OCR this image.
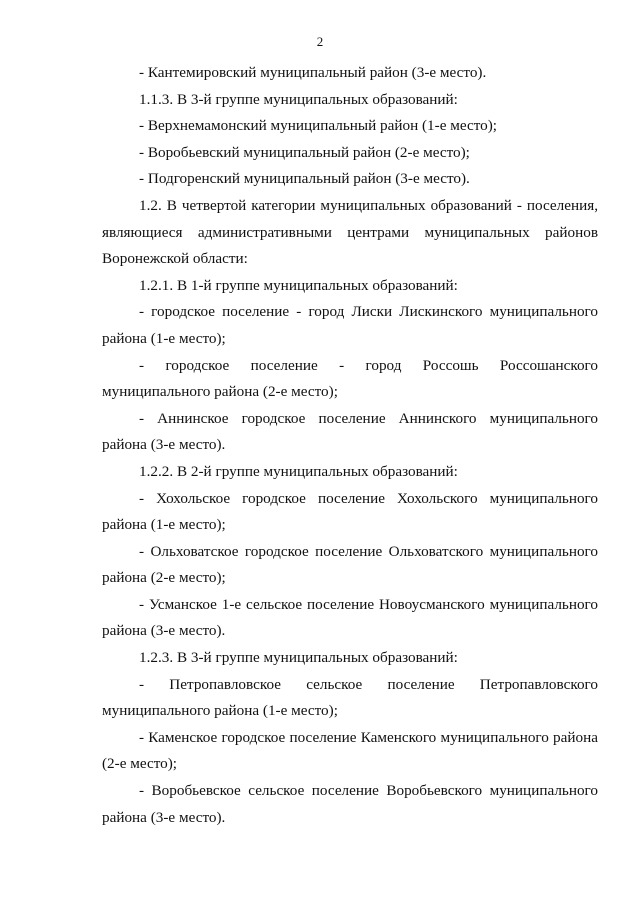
2

- Кантемировский муниципальный район (3-е место).

1.1.3. В 3-й группе муниципальных образований:

- Верхнемамонский муниципальный район (1-е место);

- Воробьевский муниципальный район (2-е место);

- Подгоренский муниципальный район (3-е место).

1.2. В четвертой категории муниципальных образований - поселения, являющиеся административными центрами муниципальных районов Воронежской области:

1.2.1. В 1-й группе муниципальных образований:

- городское поселение - город Лиски Лискинского муниципального района (1-е место);

- городское поселение - город Россошь Россошанского муниципального района (2-е место);

- Аннинское городское поселение Аннинского муниципального района (3-е место).

1.2.2. В 2-й группе муниципальных образований:

- Хохольское городское поселение Хохольского муниципального района (1-е место);

- Ольховатское городское поселение Ольховатского муниципального района (2-е место);

- Усманское 1-е сельское поселение Новоусманского муниципального района (3-е место).

1.2.3. В 3-й группе муниципальных образований:

- Петропавловское сельское поселение Петропавловского муниципального района (1-е место);

- Каменское городское поселение Каменского муниципального района (2-е место);

- Воробьевское сельское поселение Воробьевского муниципального района (3-е место).
